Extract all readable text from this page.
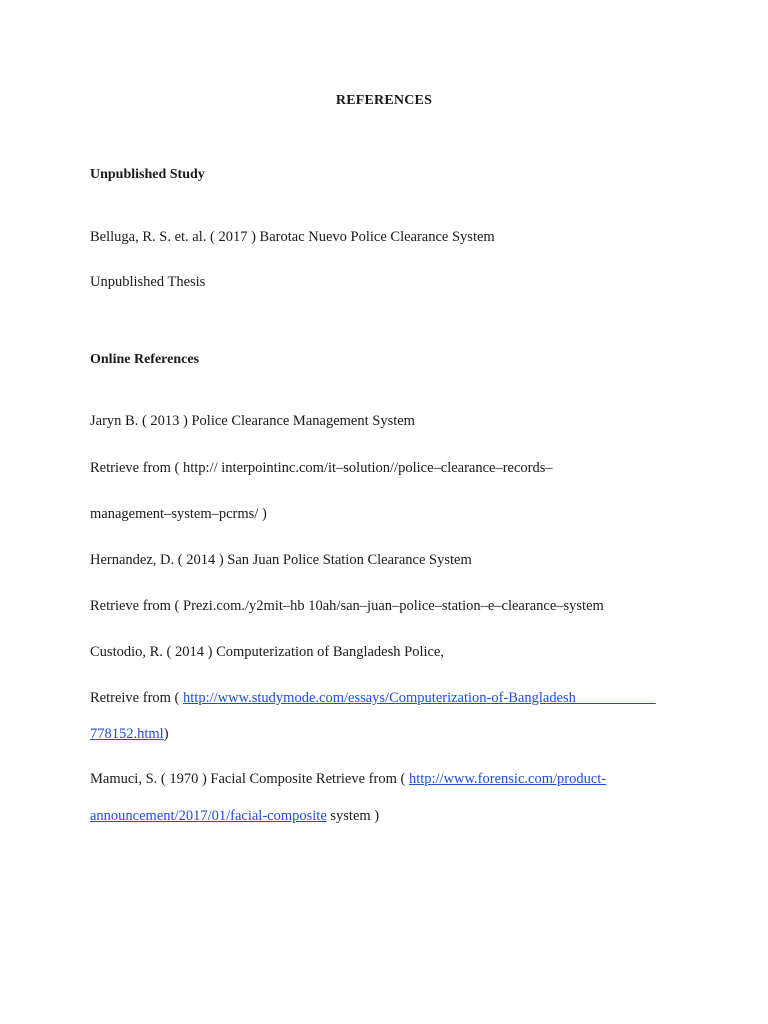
REFERENCES
Unpublished Study
Belluga, R. S. et. al. ( 2017 ) Barotac Nuevo Police Clearance System
Unpublished Thesis
Online References
Jaryn B. ( 2013 ) Police Clearance Management System
Retrieve from ( http:// interpointinc.com/it–solution//police–clearance–records–
management–system–pcrms/ )
Hernandez, D. ( 2014 ) San Juan Police Station Clearance System
Retrieve from ( Prezi.com./y2mit–hb 10ah/san–juan–police–station–e–clearance–system
Custodio, R. ( 2014 ) Computerization of Bangladesh Police,
Retreive from ( http://www.studymode.com/essays/Computerization-of-Bangladesh___________
778152.html)
Mamuci, S. ( 1970 ) Facial Composite Retrieve from ( http://www.forensic.com/product-
announcement/2017/01/facial-composite system )
